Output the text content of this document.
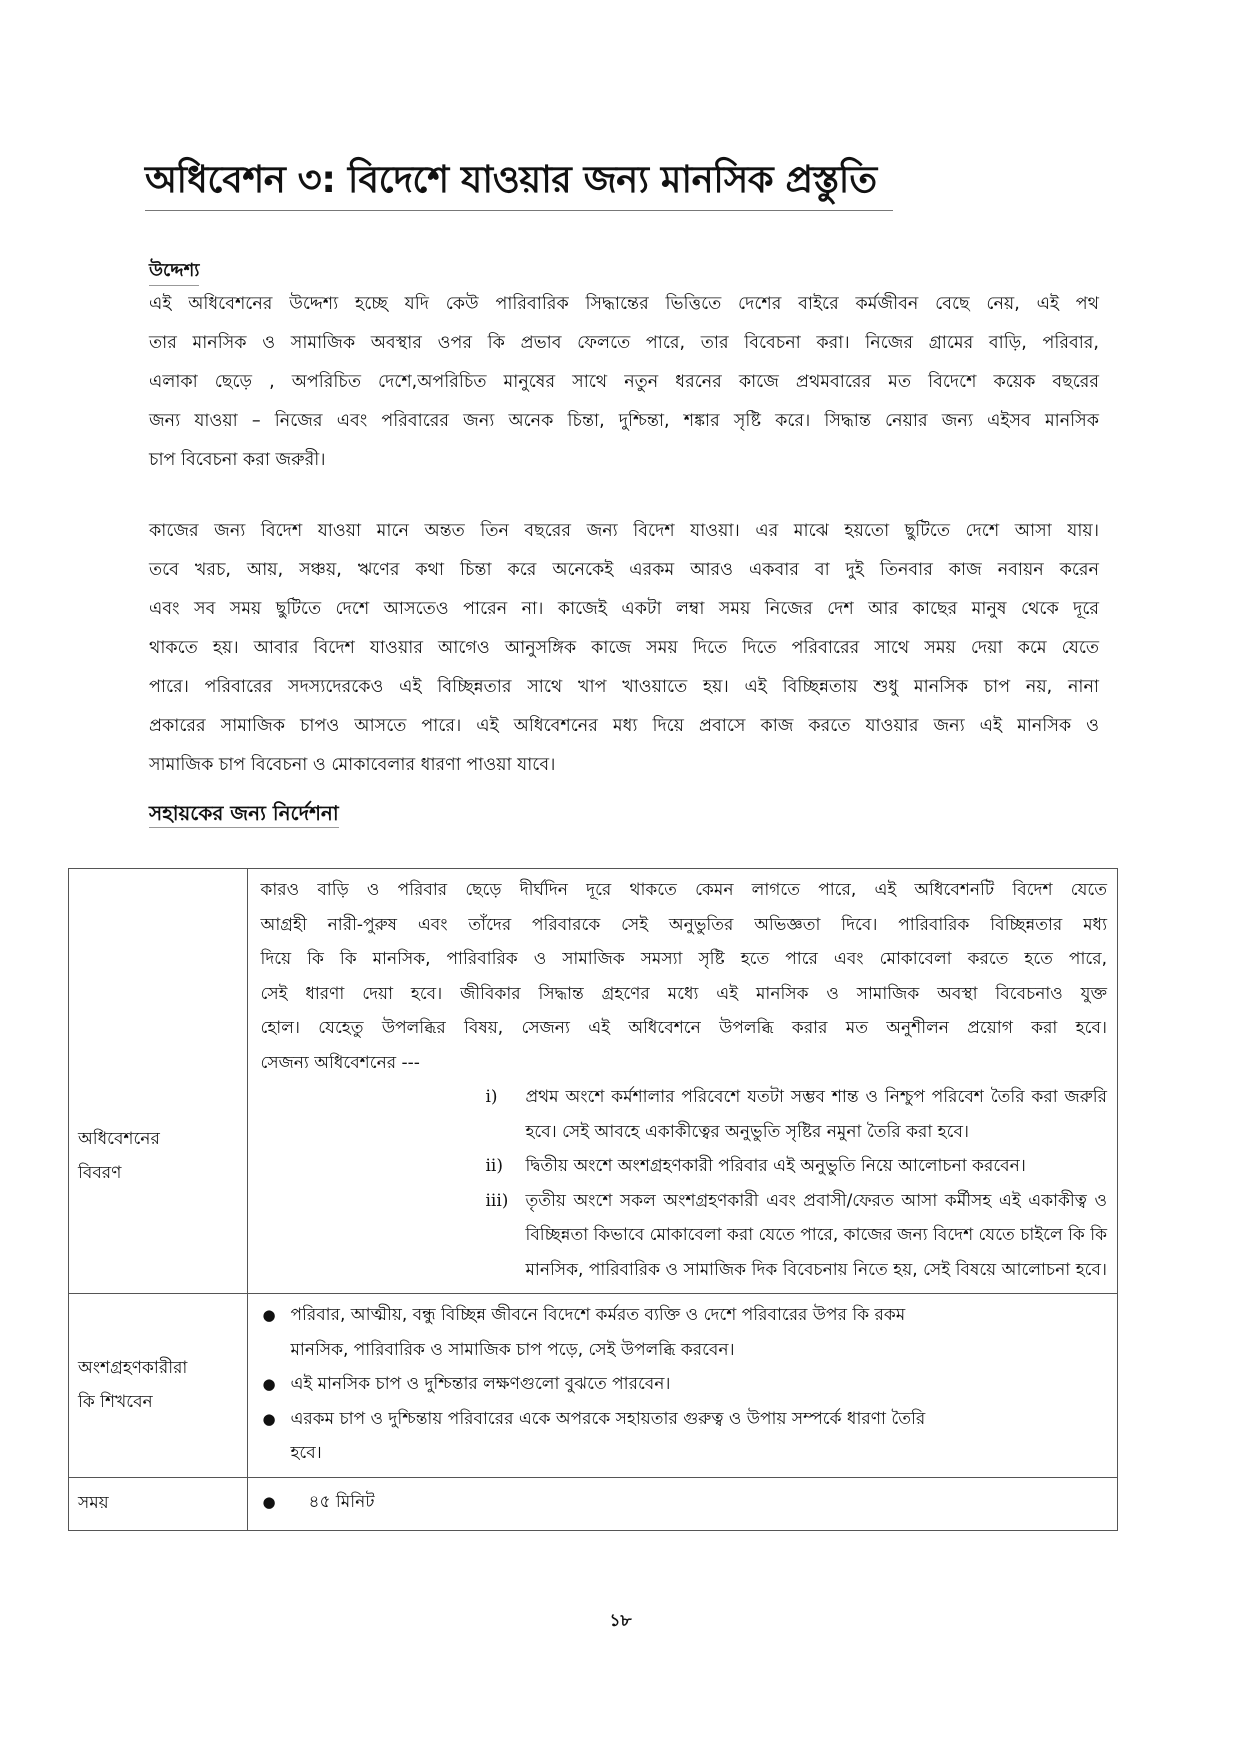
অধিবেশন ৩: বিদেশে যাওয়ার জন্য মানসিক প্রস্তুতি
উদ্দেশ্য
এই অধিবেশনের উদ্দেশ্য হচ্ছে যদি কেউ পারিবারিক সিদ্ধান্তের ভিত্তিতে দেশের বাইরে কর্মজীবন বেছে নেয়, এই পথ
তার মানসিক ও সামাজিক অবস্থার ওপর কি প্রভাব ফেলতে পারে, তার বিবেচনা করা। নিজের গ্রামের বাড়ি, পরিবার,
এলাকা ছেড়ে , অপরিচিত দেশে,অপরিচিত মানুষের সাথে নতুন ধরনের কাজে প্রথমবারের মত বিদেশে কয়েক বছরের
জন্য যাওয়া – নিজের এবং পরিবারের জন্য অনেক চিন্তা, দুশ্চিন্তা, শঙ্কার সৃষ্টি করে। সিদ্ধান্ত নেয়ার জন্য এইসব মানসিক
চাপ বিবেচনা করা জরুরী।
কাজের জন্য বিদেশ যাওয়া মানে অন্তত তিন বছরের জন্য বিদেশ যাওয়া। এর মাঝে হয়তো ছুটিতে দেশে আসা যায়।
তবে খরচ, আয়, সঞ্চয়, ঋণের কথা চিন্তা করে অনেকেই এরকম আরও একবার বা দুই তিনবার কাজ নবায়ন করেন
এবং সব সময় ছুটিতে দেশে আসতেও পারেন না। কাজেই একটা লম্বা সময় নিজের দেশ আর কাছের মানুষ থেকে দূরে
থাকতে হয়। আবার বিদেশ যাওয়ার আগেও আনুসঙ্গিক কাজে সময় দিতে দিতে পরিবারের সাথে সময় দেয়া কমে যেতে
পারে। পরিবারের সদস্যদেরকেও এই বিচ্ছিন্নতার সাথে খাপ খাওয়াতে হয়। এই বিচ্ছিন্নতায় শুধু মানসিক চাপ নয়, নানা
প্রকারের সামাজিক চাপও আসতে পারে। এই অধিবেশনের মধ্য দিয়ে প্রবাসে কাজ করতে যাওয়ার জন্য এই মানসিক ও
সামাজিক চাপ বিবেচনা ও মোকাবেলার ধারণা পাওয়া যাবে।
সহায়কের জন্য নির্দেশনা
অধিবেশনের
বিবরণ

কারও বাড়ি ও পরিবার ছেড়ে দীর্ঘদিন দূরে থাকতে কেমন লাগতে পারে, এই অধিবেশনটি বিদেশ যেতে
আগ্রহী নারী-পুরুষ এবং তাঁদের পরিবারকে সেই অনুভুতির অভিজ্ঞতা দিবে। পারিবারিক বিচ্ছিন্নতার মধ্য
দিয়ে কি কি মানসিক, পারিবারিক ও সামাজিক সমস্যা সৃষ্টি হতে পারে এবং মোকাবেলা করতে হতে পারে,
সেই ধারণা দেয়া হবে। জীবিকার সিদ্ধান্ত গ্রহণের মধ্যে এই মানসিক ও সামাজিক অবস্থা বিবেচনাও যুক্ত
হোল। যেহেতু উপলব্ধির বিষয়, সেজন্য এই অধিবেশনে উপলব্ধি করার মত অনুশীলন প্রয়োগ করা হবে।
সেজন্য অধিবেশনের ---
i) প্রথম অংশে কর্মশালার পরিবেশে যতটা সম্ভব শান্ত ও নিশ্চুপ পরিবেশ তৈরি করা জরুরি
হবে। সেই আবহে একাকীত্বের অনুভুতি সৃষ্টির নমুনা তৈরি করা হবে।
ii) দ্বিতীয় অংশে অংশগ্রহণকারী পরিবার এই অনুভুতি নিয়ে আলোচনা করবেন।
iii) তৃতীয় অংশে সকল অংশগ্রহণকারী এবং প্রবাসী/ফেরত আসা কর্মীসহ এই একাকীত্ব ও
বিচ্ছিন্নতা কিভাবে মোকাবেলা করা যেতে পারে, কাজের জন্য বিদেশ যেতে চাইলে কি কি
মানসিক, পারিবারিক ও সামাজিক দিক বিবেচনায় নিতে হয়, সেই বিষয়ে আলোচনা হবে।

অংশগ্রহণকারীরা
কি শিখবেন

● পরিবার, আত্মীয়, বন্ধু বিচ্ছিন্ন জীবনে বিদেশে কর্মরত ব্যক্তি ও দেশে পরিবারের উপর কি রকম
মানসিক, পারিবারিক ও সামাজিক চাপ পড়ে, সেই উপলব্ধি করবেন।
● এই মানসিক চাপ ও দুশ্চিন্তার লক্ষণগুলো বুঝতে পারবেন।
● এরকম চাপ ও দুশ্চিন্তায় পরিবারের একে অপরকে সহায়তার গুরুত্ব ও উপায় সম্পর্কে ধারণা তৈরি
হবে।

সময়	●	৪৫ মিনিট
১৮
